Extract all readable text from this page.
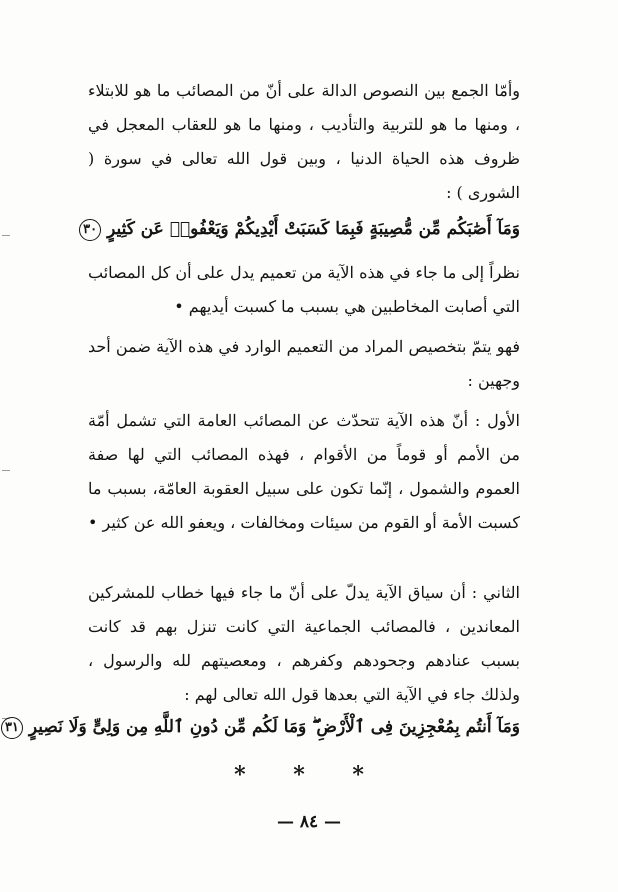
وأمّا الجمع بين النصوص الدالة على أنّ من المصائب ما هو للابتلاء ، ومنها ما هو للتربية والتأديب ، ومنها ما هو للعقاب المعجل في ظروف هذه الحياة الدنيا ، وبين قول الله تعالى في سورة ( الشورى ) :

وَمَآ أَصَٰبَكُم مِّن مُّصِيبَةٍ فَبِمَا كَسَبَتْ أَيْدِيكُمْ وَيَعْفُوا۟ عَن كَثِيرٍ ٣٠

نظراً إلى ما جاء في هذه الآية من تعميم يدل على أن كل المصائب التي أصابت المخاطبين هي بسبب ما كسبت أيديهم •

فهو يتمّ بتخصيص المراد من التعميم الوارد في هذه الآية ضمن أحد وجهين :

الأول : أنّ هذه الآية تتحدّث عن المصائب العامة التي تشمل أمّة من الأمم أو قوماً من الأقوام ، فهذه المصائب التي لها صفة العموم والشمول ، إنّما تكون على سبيل العقوبة العامّة، بسبب ما كسبت الأمة أو القوم من سيئات ومخالفات ، ويعفو الله عن كثير •

الثاني : أن سياق الآية يدلّ على أنّ ما جاء فيها خطاب للمشركين المعاندين ، فالمصائب الجماعية التي كانت تنزل بهم قد كانت بسبب عنادهم وجحودهم وكفرهم ، ومعصيتهم لله والرسول ، ولذلك جاء في الآية التي بعدها قول الله تعالى لهم :

وَمَآ أَنتُم بِمُعْجِزِينَ فِى ٱلْأَرْضِ ۖ وَمَا لَكُم مِّن دُونِ ٱللَّهِ مِن وَلِىٍّ وَلَا نَصِيرٍ ٣١
* * *
— ٨٤ —
